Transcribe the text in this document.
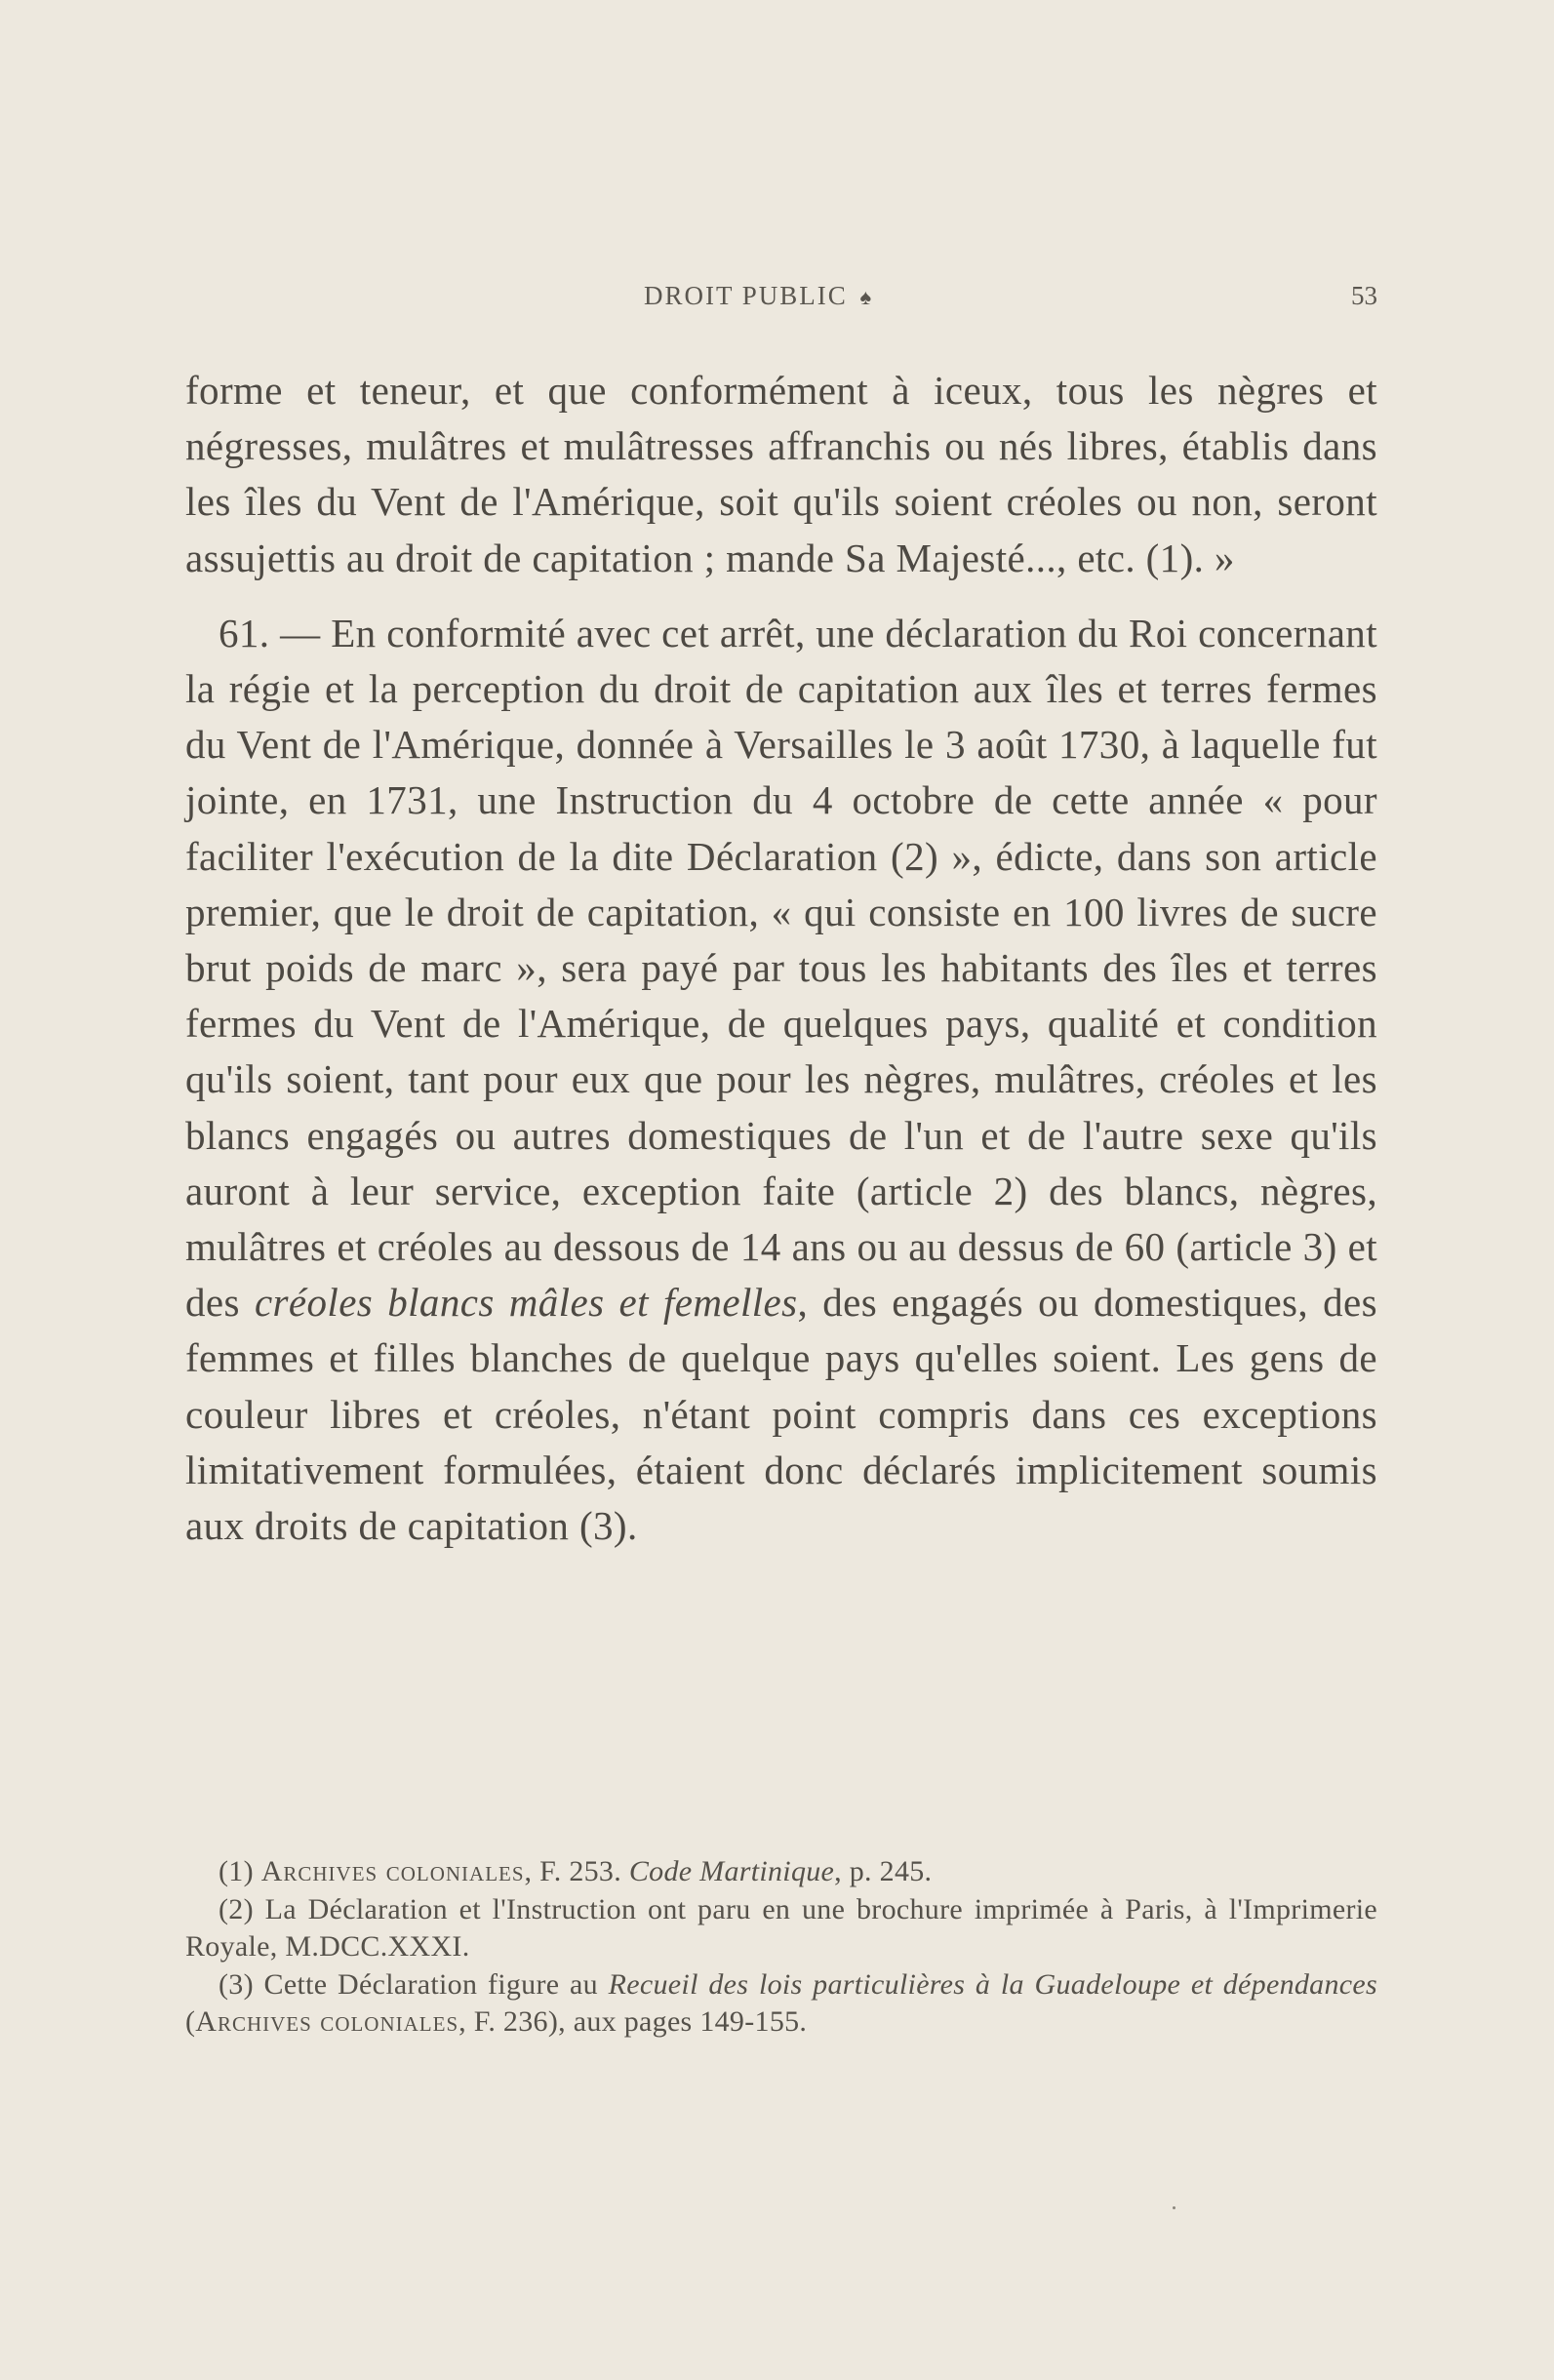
DROIT PUBLIC ♠	53

forme et teneur, et que conformément à iceux, tous les nègres et négresses, mulâtres et mulâtresses affranchis ou nés libres, établis dans les îles du Vent de l'Amérique, soit qu'ils soient créoles ou non, seront assujettis au droit de capitation ; mande Sa Majesté..., etc. (1). »

61. — En conformité avec cet arrêt, une déclaration du Roi concernant la régie et la perception du droit de capitation aux îles et terres fermes du Vent de l'Amérique, donnée à Versailles le 3 août 1730, à laquelle fut jointe, en 1731, une Instruction du 4 octobre de cette année « pour faciliter l'exécution de la dite Déclaration (2) », édicte, dans son article premier, que le droit de capitation, « qui consiste en 100 livres de sucre brut poids de marc », sera payé par tous les habitants des îles et terres fermes du Vent de l'Amérique, de quelques pays, qualité et condition qu'ils soient, tant pour eux que pour les nègres, mulâtres, créoles et les blancs engagés ou autres domestiques de l'un et de l'autre sexe qu'ils auront à leur service, exception faite (article 2) des blancs, nègres, mulâtres et créoles au dessous de 14 ans ou au dessus de 60 (article 3) et des créoles blancs mâles et femelles, des engagés ou domestiques, des femmes et filles blanches de quelque pays qu'elles soient. Les gens de couleur libres et créoles, n'étant point compris dans ces exceptions limitativement formulées, étaient donc déclarés implicitement soumis aux droits de capitation (3).

(1) Archives coloniales, F. 253. Code Martinique, p. 245.

(2) La Déclaration et l'Instruction ont paru en une brochure imprimée à Paris, à l'Imprimerie Royale, M.DCC.XXXI.

(3) Cette Déclaration figure au Recueil des lois particulières à la Guadeloupe et dépendances (Archives coloniales, F. 236), aux pages 149-155.
